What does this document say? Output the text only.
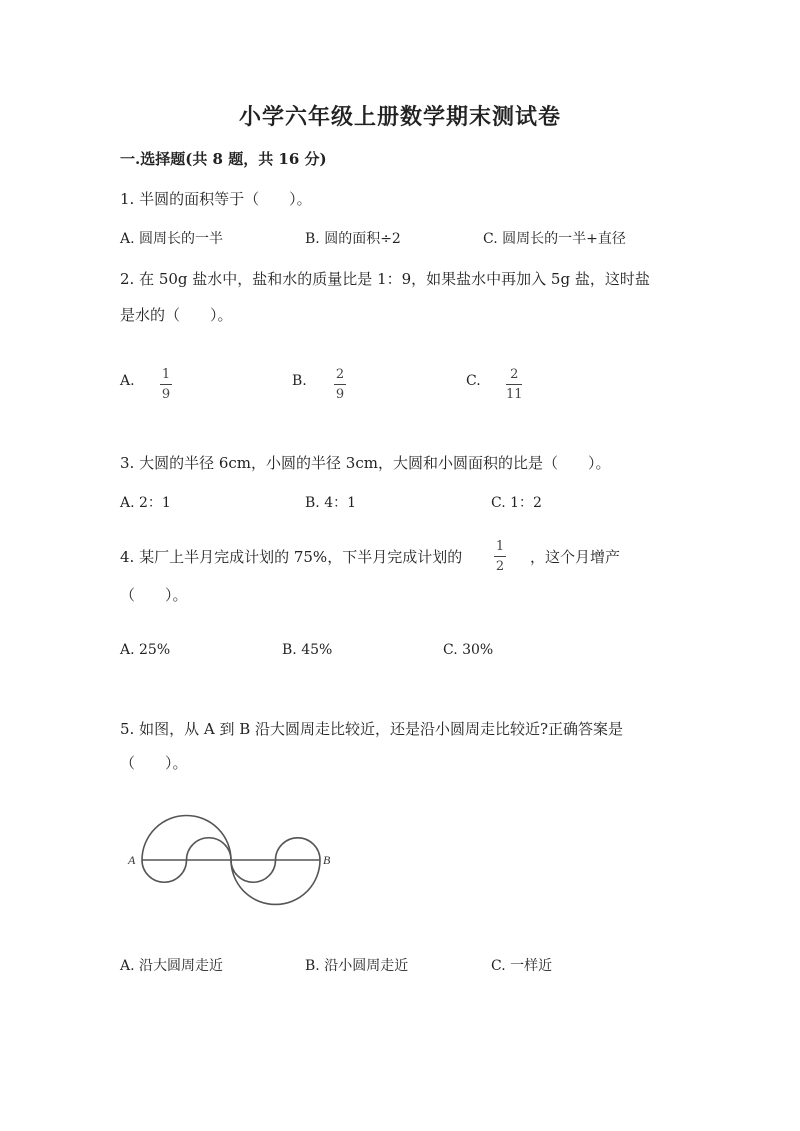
小学六年级上册数学期末测试卷
一.选择题(共 8 题，共 16 分)
1. 半圆的面积等于（　　）。
A. 圆周长的一半	B. 圆的面积÷2	C. 圆周长的一半+直径
2. 在 50g 盐水中，盐和水的质量比是 1：9，如果盐水中再加入 5g 盐，这时盐
是水的（　　）。
A. 1
9
B. 2
9
C. 2
11
3. 大圆的半径 6cm，小圆的半径 3cm，大圆和小圆面积的比是（　　）。
A. 2：1	B. 4：1	C. 1：2
4. 某厂上半月完成计划的 75%，下半月完成计划的
1
2
，这个月增产
（　　）。
A. 25%	B. 45%	C. 30%
5. 如图，从 A 到 B 沿大圆周走比较近，还是沿小圆周走比较近?正确答案是
（　　）。
A	B
A. 沿大圆周走近	B. 沿小圆周走近	C. 一样近
